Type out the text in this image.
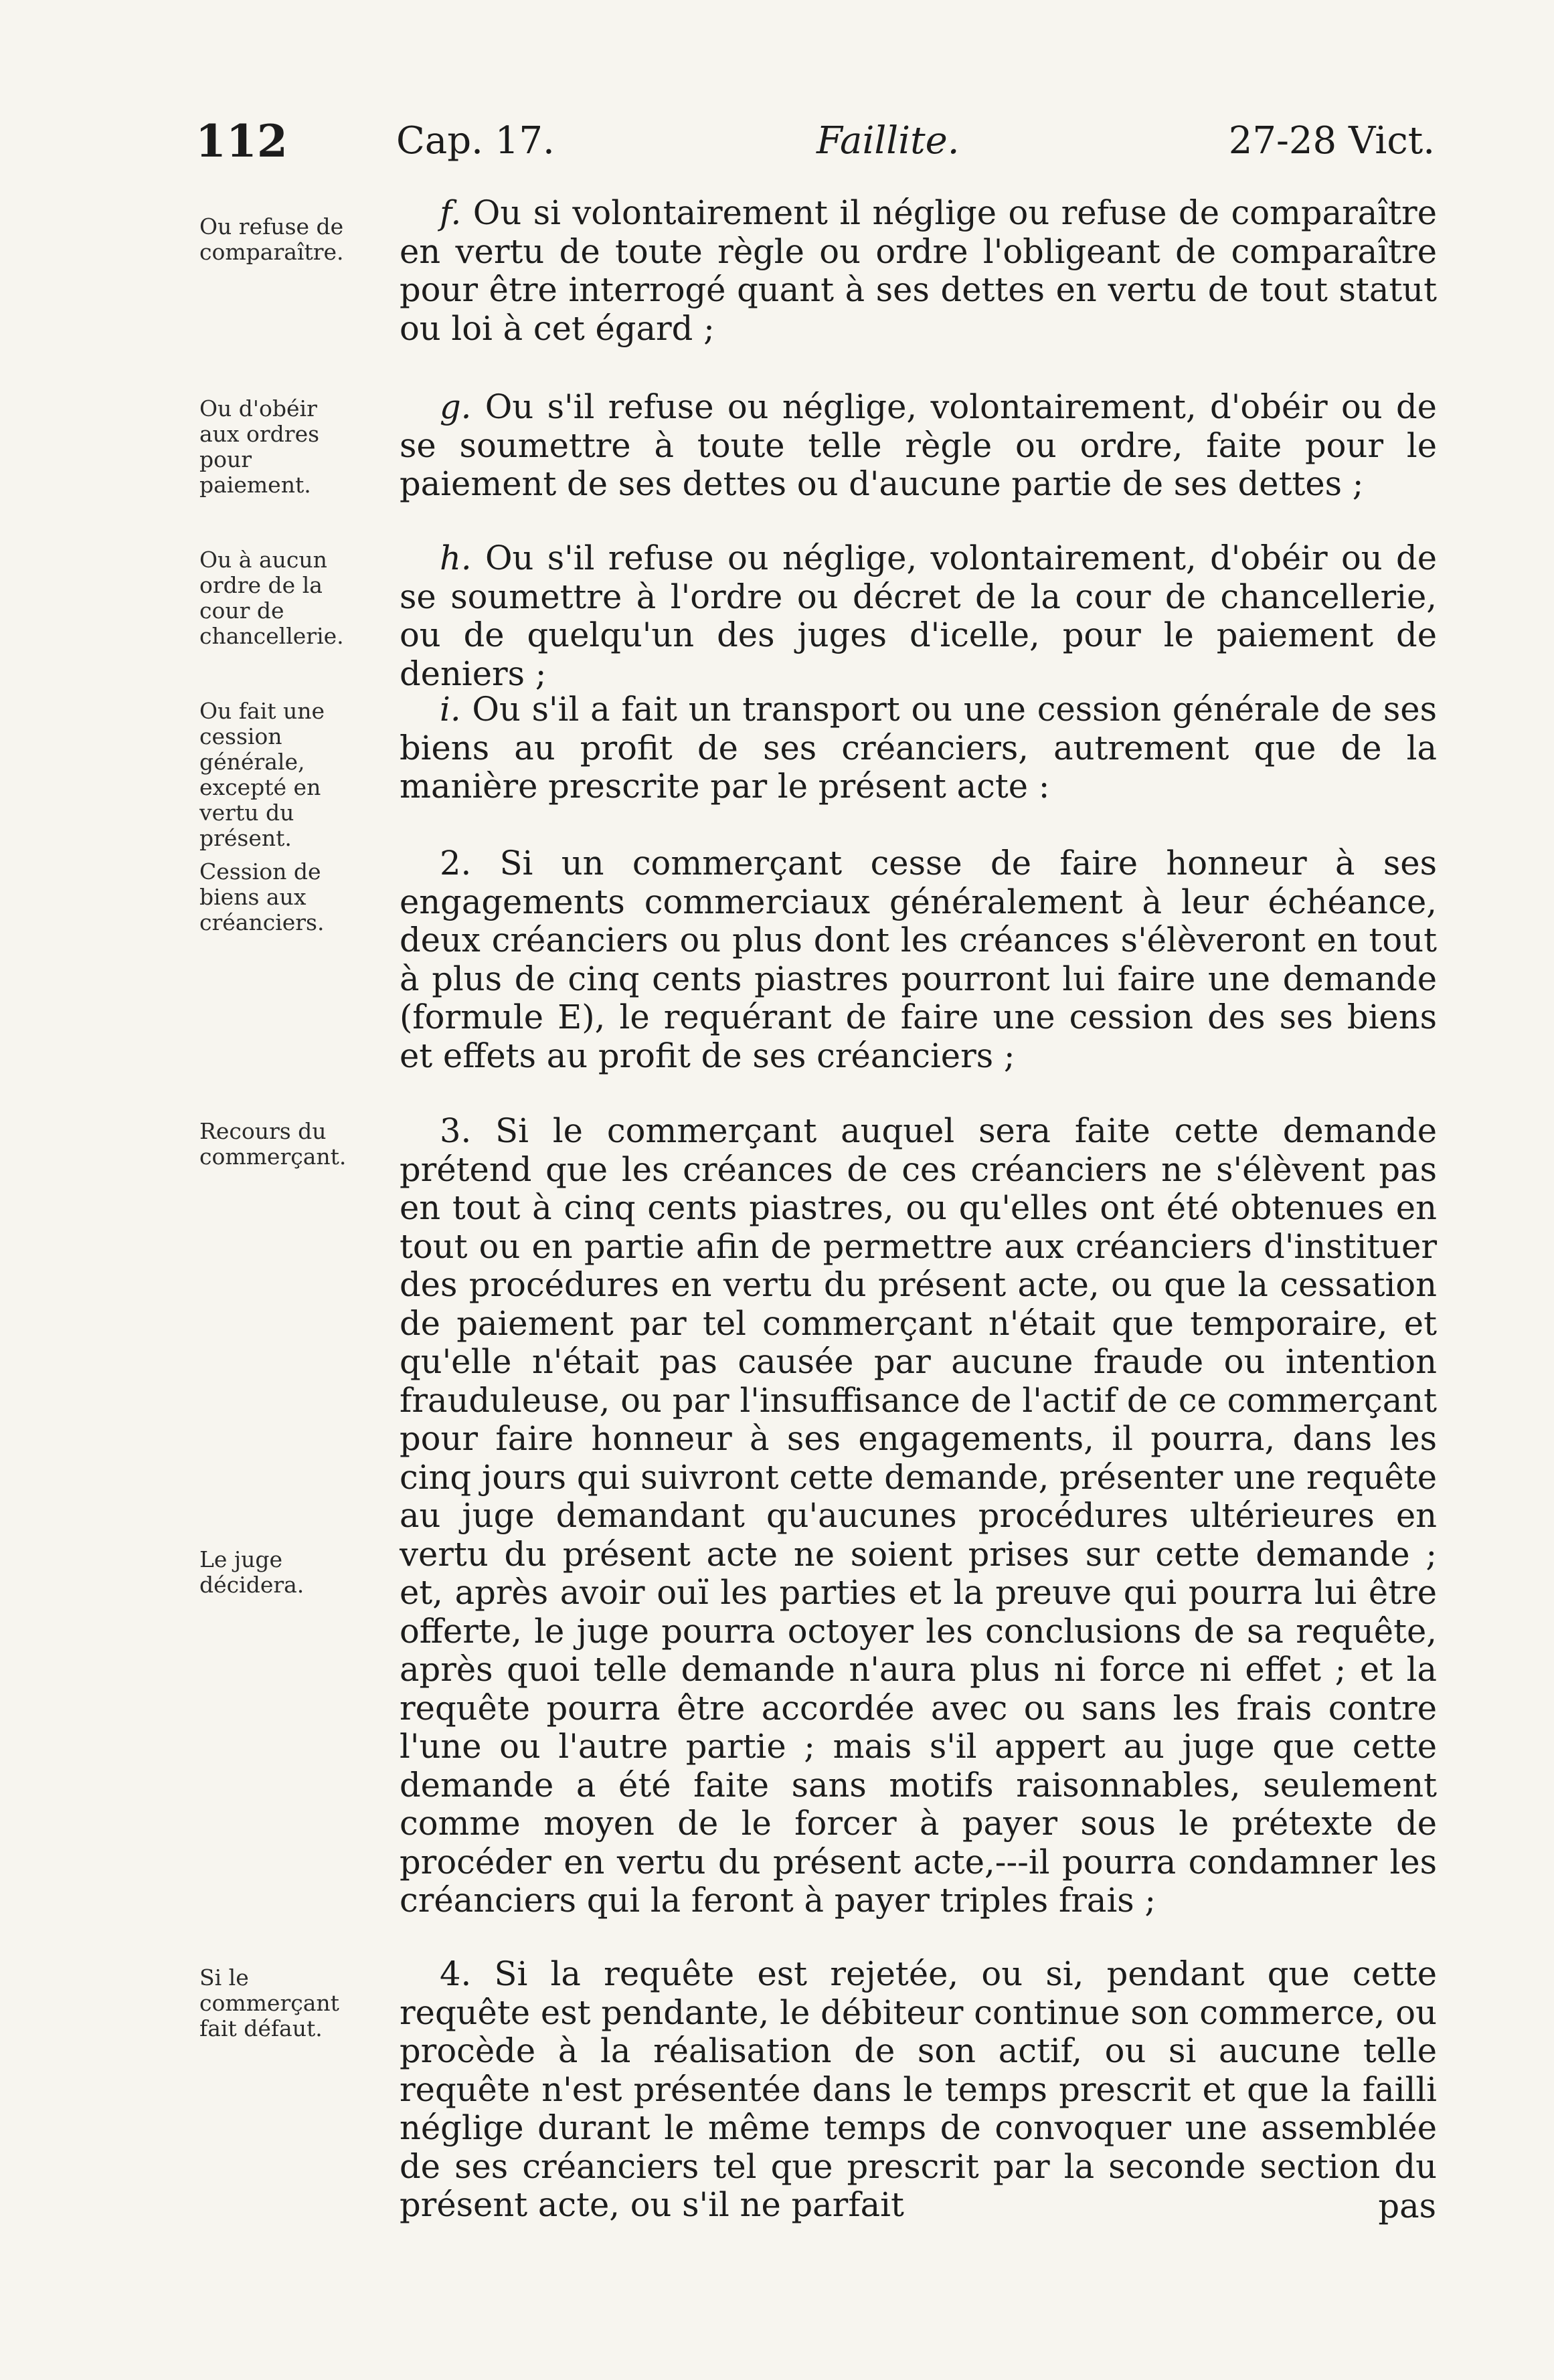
112	Cap. 17.	Faillite.	27-28 Vict.
Ou refuse de comparaître.
Ou d'obéir aux ordres pour paiement.
Ou à aucun ordre de la cour de chancellerie.
Ou fait une cession générale, excepté en vertu du présent.
Cession de biens aux créanciers.
Recours du commerçant.
Le juge décidera.
Si le commerçant fait défaut.
f. Ou si volontairement il néglige ou refuse de comparaître en vertu de toute règle ou ordre l'obligeant de comparaître pour être interrogé quant à ses dettes en vertu de tout statut ou loi à cet égard ;
g. Ou s'il refuse ou néglige, volontairement, d'obéir ou de se soumettre à toute telle règle ou ordre, faite pour le paiement de ses dettes ou d'aucune partie de ses dettes ;
h. Ou s'il refuse ou néglige, volontairement, d'obéir ou de se soumettre à l'ordre ou décret de la cour de chancellerie, ou de quelqu'un des juges d'icelle, pour le paiement de deniers ;
i. Ou s'il a fait un transport ou une cession générale de ses biens au profit de ses créanciers, autrement que de la manière prescrite par le présent acte :
2. Si un commerçant cesse de faire honneur à ses engagements commerciaux généralement à leur échéance, deux créanciers ou plus dont les créances s'élèveront en tout à plus de cinq cents piastres pourront lui faire une demande (formule E), le requérant de faire une cession des ses biens et effets au profit de ses créanciers ;
3. Si le commerçant auquel sera faite cette demande prétend que les créances de ces créanciers ne s'élèvent pas en tout à cinq cents piastres, ou qu'elles ont été obtenues en tout ou en partie afin de permettre aux créanciers d'instituer des procédures en vertu du présent acte, ou que la cessation de paiement par tel commerçant n'était que temporaire, et qu'elle n'était pas causée par aucune fraude ou intention frauduleuse, ou par l'insuffisance de l'actif de ce commerçant pour faire honneur à ses engagements, il pourra, dans les cinq jours qui suivront cette demande, présenter une requête au juge demandant qu'aucunes procédures ultérieures en vertu du présent acte ne soient prises sur cette demande ; et, après avoir ouï les parties et la preuve qui pourra lui être offerte, le juge pourra octoyer les conclusions de sa requête, après quoi telle demande n'aura plus ni force ni effet ; et la requête pourra être accordée avec ou sans les frais contre l'une ou l'autre partie ; mais s'il appert au juge que cette demande a été faite sans motifs raisonnables, seulement comme moyen de le forcer à payer sous le prétexte de procéder en vertu du présent acte,---il pourra condamner les créanciers qui la feront à payer triples frais ;
4. Si la requête est rejetée, ou si, pendant que cette requête est pendante, le débiteur continue son commerce, ou procède à la réalisation de son actif, ou si aucune telle requête n'est présentée dans le temps prescrit et que la failli néglige durant le même temps de convoquer une assemblée de ses créanciers tel que prescrit par la seconde section du présent acte, ou s'il ne parfait	pas
